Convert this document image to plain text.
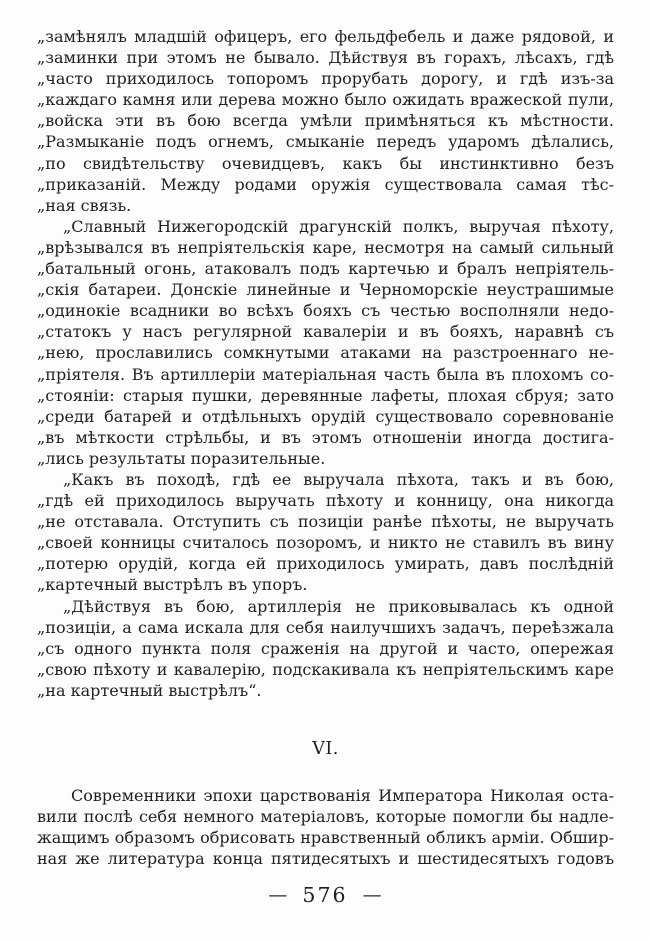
„замѣнялъ младшій офицеръ, его фельдфебель и даже рядовой, и
„заминки при этомъ не бывало. Дѣйствуя въ горахъ, лѣсахъ, гдѣ
„часто приходилось топоромъ прорубать дорогу, и гдѣ изъ-за
„каждаго камня или дерева можно было ожидать вражеской пули,
„войска эти въ бою всегда умѣли примѣняться къ мѣстности.
„Размыканіе подъ огнемъ, смыканіе передъ ударомъ дѣлались,
„по свидѣтельству очевидцевъ, какъ бы инстинктивно безъ
„приказаній. Между родами оружія существовала самая тѣс-
„ная связь.
„Славный Нижегородскій драгунскій полкъ, выручая пѣхоту,
„врѣзывался въ непріятельскія каре, несмотря на самый сильный
„батальный огонь, атаковалъ подъ картечью и бралъ непріятель-
„скія батареи. Донскіе линейные и Черноморскіе неустрашимые
„одинокіе всадники во всѣхъ бояхъ съ честью восполняли недо-
„статокъ у насъ регулярной кавалеріи и въ бояхъ, наравнѣ съ
„нею, прославились сомкнутыми атаками на разстроеннаго не-
„пріятеля. Въ артиллеріи матеріальная часть была въ плохомъ со-
„стояніи: старыя пушки, деревянные лафеты, плохая сбруя; зато
„среди батарей и отдѣльныхъ орудій существовало соревнованіе
„въ мѣткости стрѣльбы, и въ этомъ отношеніи иногда достига-
„лись результаты поразительные.
„Какъ въ походѣ, гдѣ ее выручала пѣхота, такъ и въ бою,
„гдѣ ей приходилось выручать пѣхоту и конницу, она никогда
„не отставала. Отступить съ позиціи ранѣе пѣхоты, не выручать
„своей конницы считалось позоромъ, и никто не ставилъ въ вину
„потерю орудій, когда ей приходилось умирать, давъ послѣдній
„картечный выстрѣлъ въ упоръ.
„Дѣйствуя въ бою, артиллерія не приковывалась къ одной
„позиціи, а сама искала для себя наилучшихъ задачъ, переѣзжала
„съ одного пункта поля сраженія на другой и часто, опережая
„свою пѣхоту и кавалерію, подскакивала къ непріятельскимъ каре
„на картечный выстрѣлъ“.
VI.
Современники эпохи царствованія Императора Николая оста-
вили послѣ себя немного матеріаловъ, которые помогли бы надле-
жащимъ образомъ обрисовать нравственный обликъ арміи. Обшир-
ная же литература конца пятидесятыхъ и шестидесятыхъ годовъ
— 576 —
